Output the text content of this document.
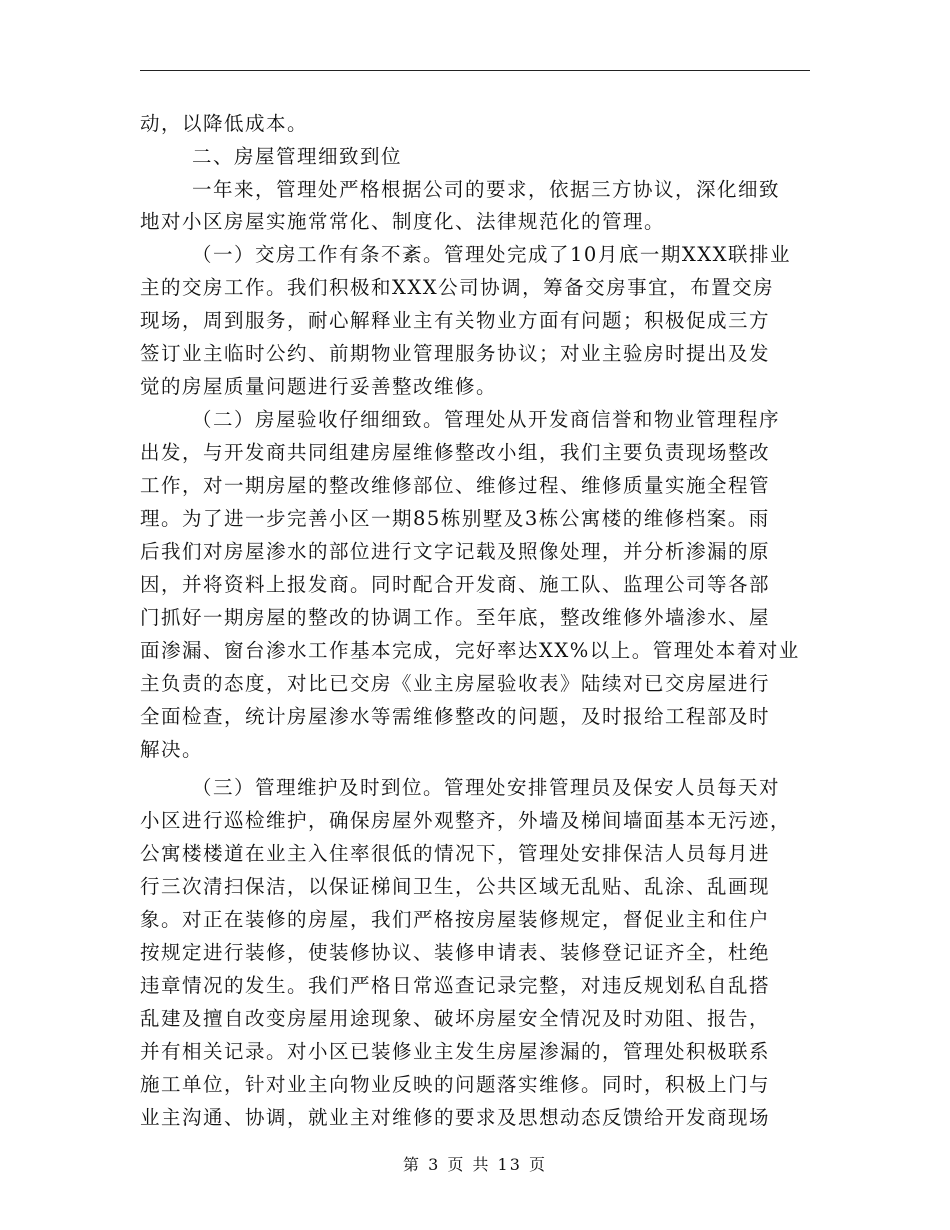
动，以降低成本。
二、房屋管理细致到位
一年来，管理处严格根据公司的要求，依据三方协议，深化细致
地对小区房屋实施常常化、制度化、法律规范化的管理。
（一）交房工作有条不紊。管理处完成了10月底一期XXX联排业
主的交房工作。我们积极和XXX公司协调，筹备交房事宜，布置交房
现场，周到服务，耐心解释业主有关物业方面有问题；积极促成三方
签订业主临时公约、前期物业管理服务协议；对业主验房时提出及发
觉的房屋质量问题进行妥善整改维修。
（二）房屋验收仔细细致。管理处从开发商信誉和物业管理程序
出发，与开发商共同组建房屋维修整改小组，我们主要负责现场整改
工作，对一期房屋的整改维修部位、维修过程、维修质量实施全程管
理。为了进一步完善小区一期85栋别墅及3栋公寓楼的维修档案。雨
后我们对房屋渗水的部位进行文字记载及照像处理，并分析渗漏的原
因，并将资料上报发商。同时配合开发商、施工队、监理公司等各部
门抓好一期房屋的整改的协调工作。至年底，整改维修外墙渗水、屋
面渗漏、窗台渗水工作基本完成，完好率达XX%以上。管理处本着对业
主负责的态度，对比已交房《业主房屋验收表》陆续对已交房屋进行
全面检查，统计房屋渗水等需维修整改的问题，及时报给工程部及时
解决。
（三）管理维护及时到位。管理处安排管理员及保安人员每天对
小区进行巡检维护，确保房屋外观整齐，外墙及梯间墙面基本无污迹，
公寓楼楼道在业主入住率很低的情况下，管理处安排保洁人员每月进
行三次清扫保洁，以保证梯间卫生，公共区域无乱贴、乱涂、乱画现
象。对正在装修的房屋，我们严格按房屋装修规定，督促业主和住户
按规定进行装修，使装修协议、装修申请表、装修登记证齐全，杜绝
违章情况的发生。我们严格日常巡查记录完整，对违反规划私自乱搭
乱建及擅自改变房屋用途现象、破坏房屋安全情况及时劝阻、报告，
并有相关记录。对小区已装修业主发生房屋渗漏的，管理处积极联系
施工单位，针对业主向物业反映的问题落实维修。同时，积极上门与
业主沟通、协调，就业主对维修的要求及思想动态反馈给开发商现场
第 3 页 共 13 页
